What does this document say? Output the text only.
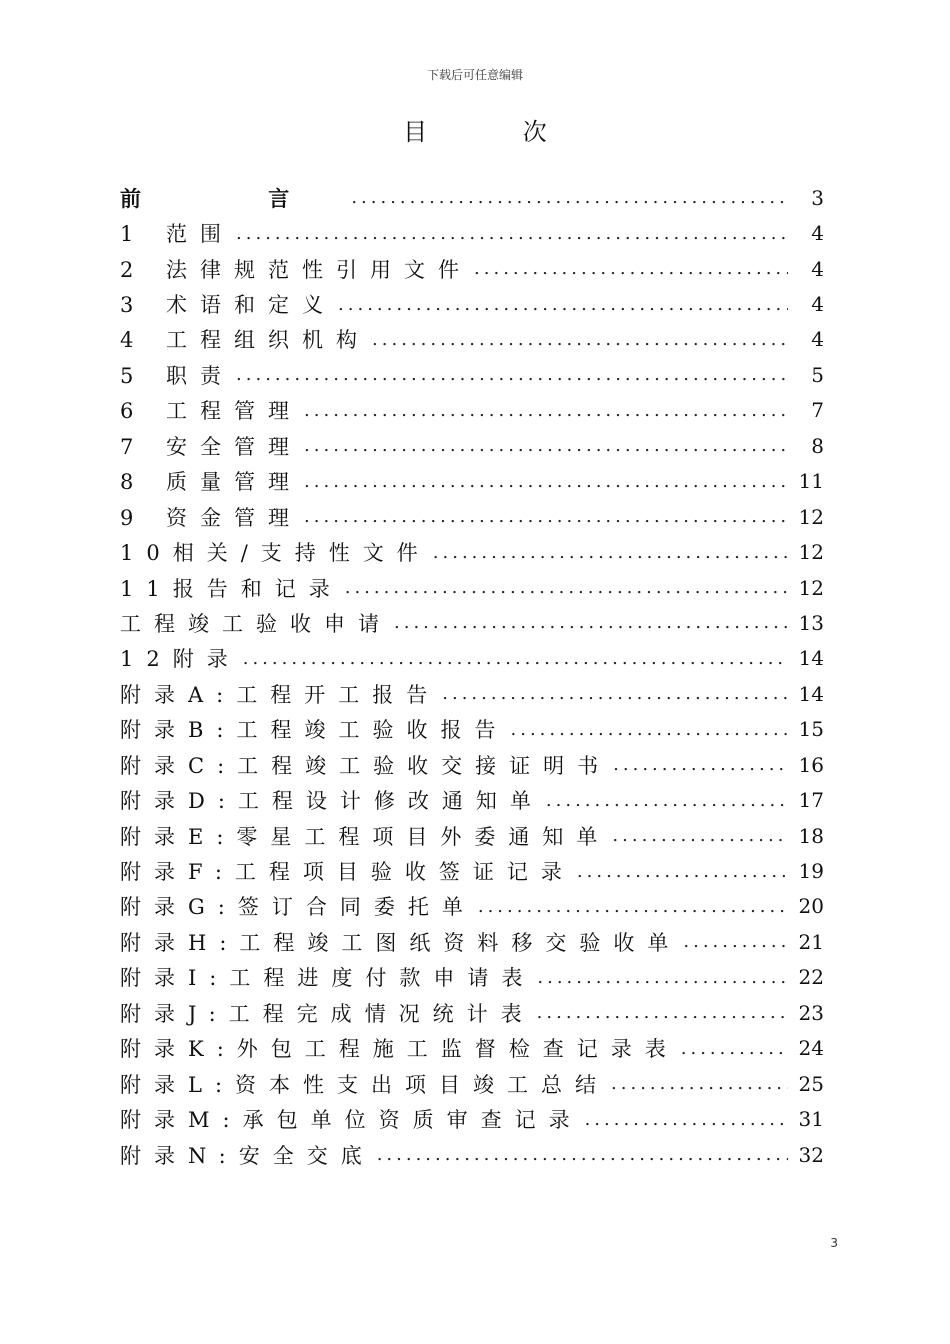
下载后可任意编辑
目 次
前 言 .....	3
1 范围 .....	4
2 法律规范性引用文件 .....	4
3 术语和定义 .....	4
4 工程组织机构 .....	4
5 职责 .....	5
6 工程管理 .....	7
7 安全管理 .....	8
8 质量管理 .....	11
9 资金管理 .....	12
10相关/支持性文件 .....	12
11报告和记录 .....	12
工程竣工验收申请 .....	13
12附录 .....	14
附录A:工程开工报告 .....	14
附录B:工程竣工验收报告 .....	15
附录C:工程竣工验收交接证明书 .....	16
附录D:工程设计修改通知单 .....	17
附录E:零星工程项目外委通知单 .....	18
附录F:工程项目验收签证记录 .....	19
附录G:签订合同委托单 .....	20
附录H:工程竣工图纸资料移交验收单 .....	21
附录I:工程进度付款申请表 .....	22
附录J:工程完成情况统计表 .....	23
附录K:外包工程施工监督检查记录表 .....	24
附录L:资本性支出项目竣工总结 .....	25
附录M:承包单位资质审查记录 .....	31
附录N:安全交底 .....	32
3
